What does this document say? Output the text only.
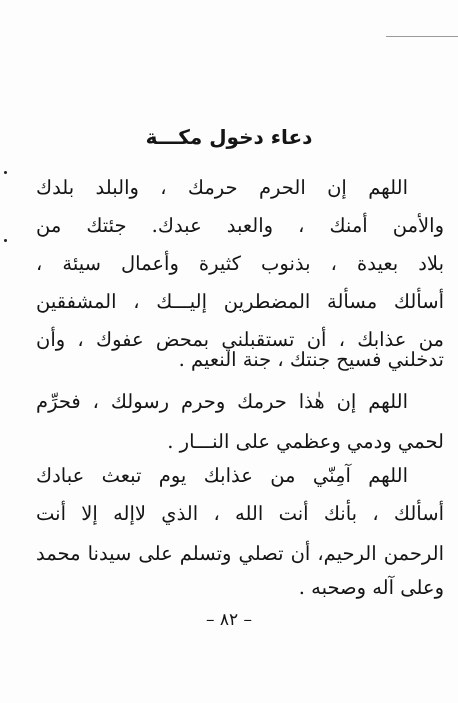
دعاء دخول مكـــة
اللهم إن الحرم حرمك ، والبلد بلدك
والأمن أمنك ، والعبد عبدك. جئتك من
بلاد بعيدة ، بذنوب كثيرة وأعمال سيئة ،
أسألك مسألة المضطرين إليـــك ، المشفقين
من عذابك ، أن تستقبلني بمحض عفوك ، وأن
تدخلني فسيح جنتك ، جنة النعيم .
اللهم إن هٰذا حرمك وحرم رسولك ، فحرِّم
لحمي ودمي وعظمي على النـــار .
اللهم آمِنّي من عذابك يوم تبعث عبادك
أسألك ، بأنك أنت الله ، الذي لاإله إلا أنت
الرحمن الرحيم، أن تصلي وتسلم على سيدنا محمد
وعلى آله وصحبه .
– ٨٢ –
